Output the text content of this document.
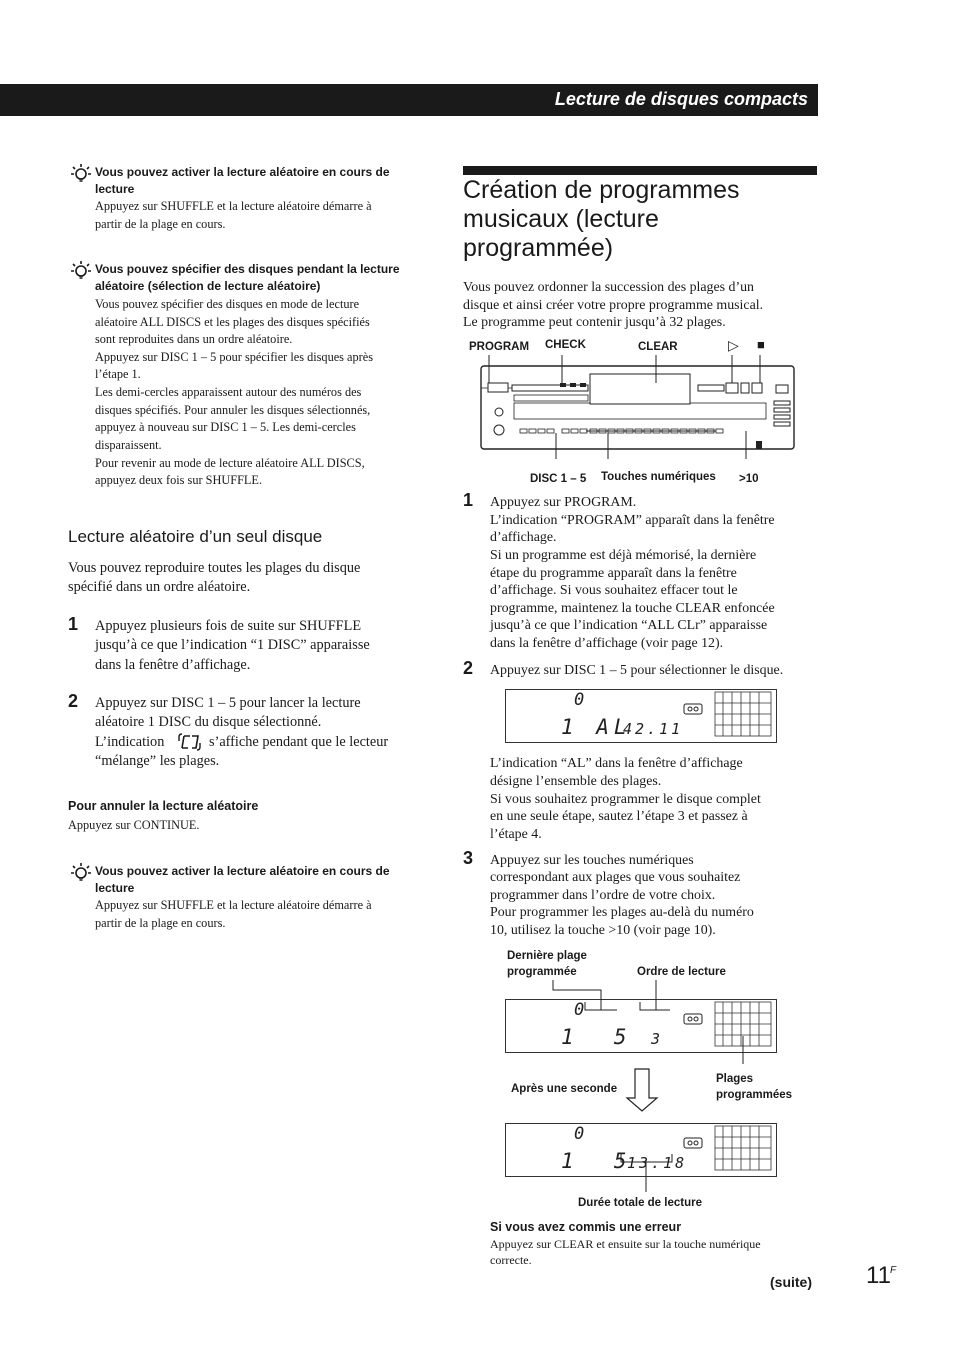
Lecture de disques compacts
Vous pouvez activer la lecture aléatoire en cours de lecture
Appuyez sur SHUFFLE et la lecture aléatoire démarre à
partir de la plage en cours.
Vous pouvez spécifier des disques pendant la lecture aléatoire (sélection de lecture aléatoire)
Vous pouvez spécifier des disques en mode de lecture
aléatoire ALL DISCS et les plages des disques spécifiés
sont reproduites dans un ordre aléatoire.
Appuyez sur DISC 1 – 5 pour spécifier les disques après
l’étape 1.
Les demi-cercles apparaissent autour des numéros des
disques spécifiés. Pour annuler les disques sélectionnés,
appuyez à nouveau sur DISC 1 – 5. Les demi-cercles
disparaissent.
Pour revenir au mode de lecture aléatoire ALL DISCS,
appuyez deux fois sur SHUFFLE.
Lecture aléatoire d’un seul disque
Vous pouvez reproduire toutes les plages du disque
spécifié dans un ordre aléatoire.
1 Appuyez plusieurs fois de suite sur SHUFFLE
jusqu’à ce que l’indication “1 DISC” apparaisse
dans la fenêtre d’affichage.
2 Appuyez sur DISC 1 – 5 pour lancer la lecture
aléatoire 1 DISC du disque sélectionné.
L’indication	s’affiche pendant que le lecteur
“mélange” les plages.
Pour annuler la lecture aléatoire
Appuyez sur CONTINUE.
Vous pouvez activer la lecture aléatoire en cours de lecture
Appuyez sur SHUFFLE et la lecture aléatoire démarre à
partir de la plage en cours.
Création de programmes
musicaux (lecture
programmée)
Vous pouvez ordonner la succession des plages d’un
disque et ainsi créer votre propre programme musical.
Le programme peut contenir jusqu’à 32 plages.
PROGRAM CHECK	CLEAR	▷ ■
DISC 1 – 5 Touches numériques >10
1 Appuyez sur PROGRAM.
L’indication “PROGRAM” apparaît dans la fenêtre
d’affichage.
Si un programme est déjà mémorisé, la dernière
étape du programme apparaît dans la fenêtre
d’affichage. Si vous souhaitez effacer tout le
programme, maintenez la touche CLEAR enfoncée
jusqu’à ce que l’indication “ALL CLr” apparaisse
dans la fenêtre d’affichage (voir page 12).
2 Appuyez sur DISC 1 – 5 pour sélectionner le disque.
0
1 AL
42.11
L’indication “AL” dans la fenêtre d’affichage
désigne l’ensemble des plages.
Si vous souhaitez programmer le disque complet
en une seule étape, sautez l’étape 3 et passez à
l’étape 4.
3 Appuyez sur les touches numériques
correspondant aux plages que vous souhaitez
programmer dans l’ordre de votre choix.
Pour programmer les plages au-delà du numéro
10, utilisez la touche >10 (voir page 10).
Dernière plage
programmée	Ordre de lecture
0
1  5 3
Après une seconde
Plages
programmées
0
1  5
13.18
Durée totale de lecture
Si vous avez commis une erreur
Appuyez sur CLEAR et ensuite sur la touche numérique
correcte.
(suite) 11 F
